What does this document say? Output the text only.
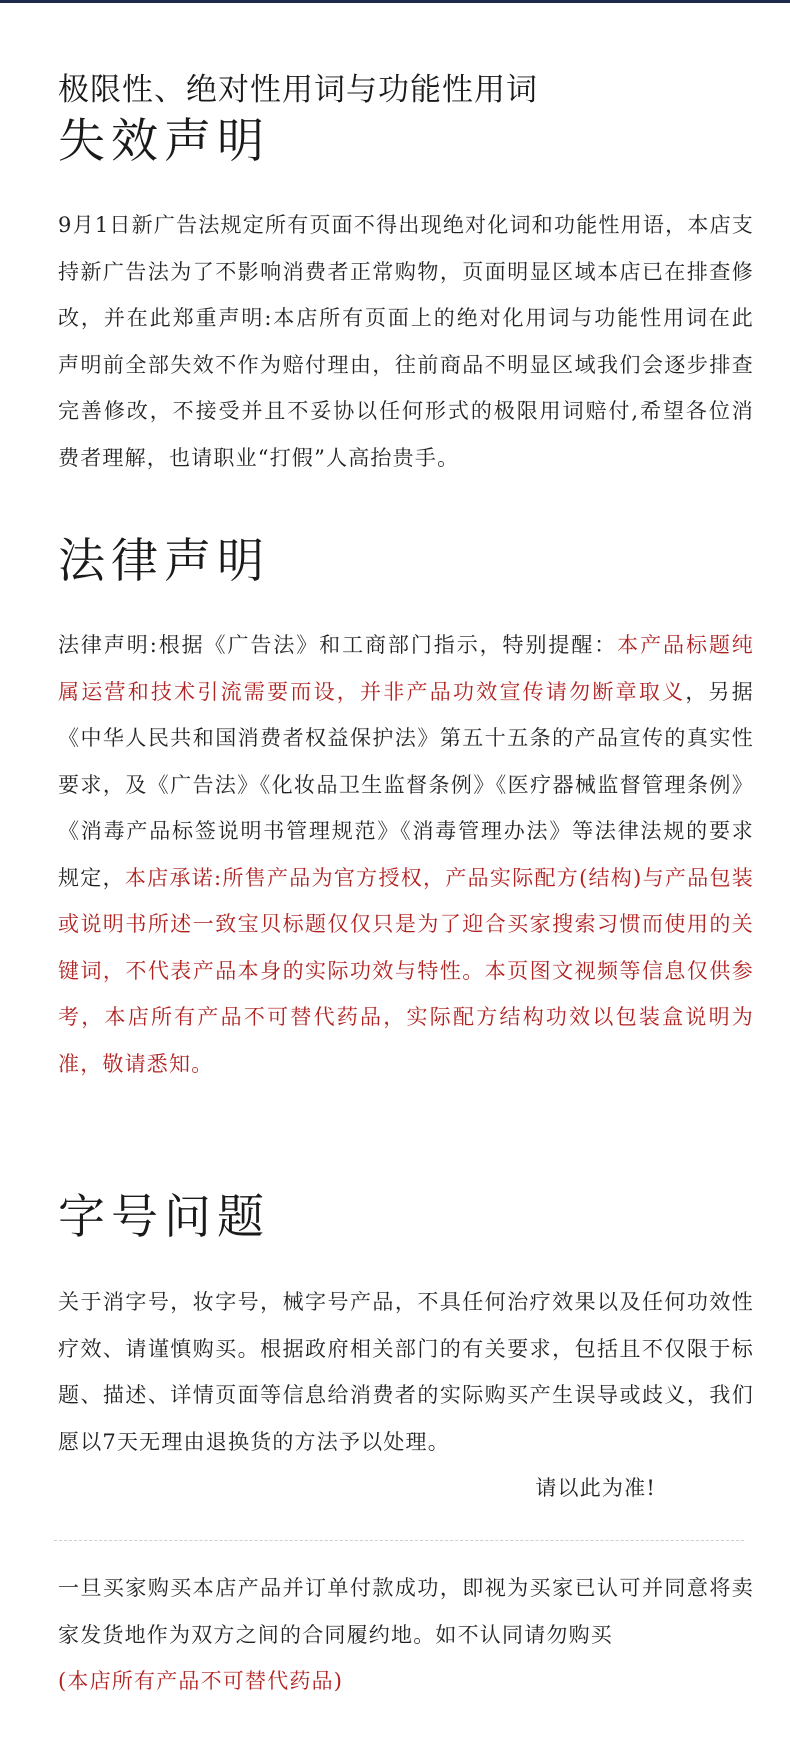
极限性、绝对性用词与功能性用词
失效声明

9月1日新广告法规定所有页面不得出现绝对化词和功能性用语，本店支持新广告法为了不影响消费者正常购物，页面明显区域本店已在排查修改，并在此郑重声明:本店所有页面上的绝对化用词与功能性用词在此声明前全部失效不作为赔付理由，往前商品不明显区域我们会逐步排查完善修改，不接受并且不妥协以任何形式的极限用词赔付,希望各位消费者理解，也请职业“打假”人高抬贵手。

法律声明

法律声明:根据《广告法》和工商部门指示，特别提醒：本产品标题纯属运营和技术引流需要而设，并非产品功效宣传请勿断章取义，另据《中华人民共和国消费者权益保护法》第五十五条的产品宣传的真实性要求，及《广告法》《化妆品卫生监督条例》《医疗器械监督管理条例》《消毒产品标签说明书管理规范》《消毒管理办法》等法律法规的要求规定，本店承诺:所售产品为官方授权，产品实际配方(结构)与产品包装或说明书所述一致宝贝标题仅仅只是为了迎合买家搜索习惯而使用的关键词，不代表产品本身的实际功效与特性。本页图文视频等信息仅供参考，本店所有产品不可替代药品，实际配方结构功效以包装盒说明为准，敬请悉知。

字号问题

关于消字号，妆字号，械字号产品，不具任何治疗效果以及任何功效性疗效、请谨慎购买。根据政府相关部门的有关要求，包括且不仅限于标题、描述、详情页面等信息给消费者的实际购买产生误导或歧义，我们愿以7天无理由退换货的方法予以处理。

请以此为准!

一旦买家购买本店产品并订单付款成功，即视为买家已认可并同意将卖家发货地作为双方之间的合同履约地。如不认同请勿购买
(本店所有产品不可替代药品)
